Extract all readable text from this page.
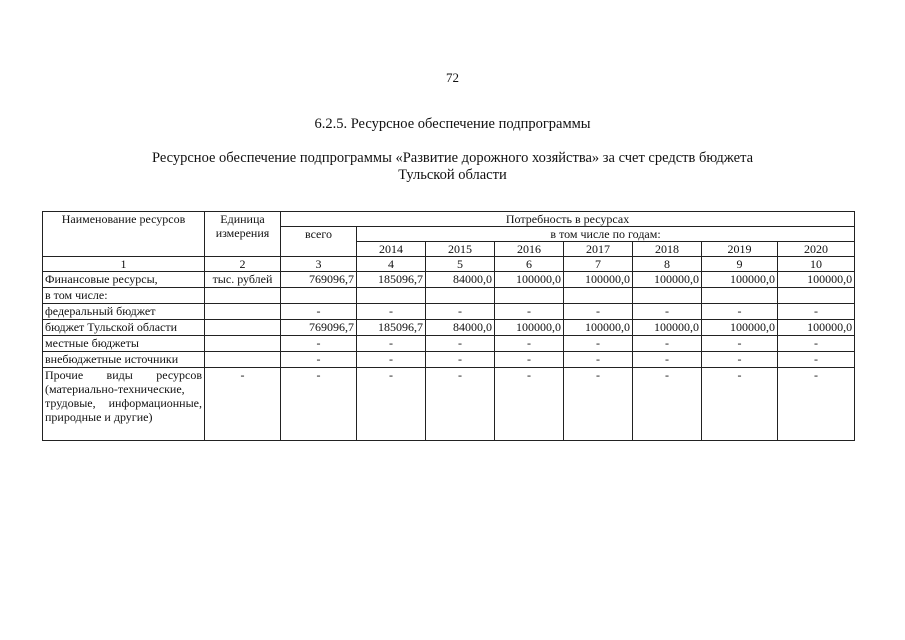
72
6.2.5. Ресурсное обеспечение подпрограммы
Ресурсное обеспечение подпрограммы «Развитие дорожного хозяйства» за счет средств бюджета
Тульской области
Наименование ресурсов	Единица измерения	Потребность в ресурсах							
		всего	в том числе по годам:						
			2014	2015	2016	2017	2018	2019	2020
1	2	3	4	5	6	7	8	9	10
Финансовые ресурсы,	тыс. рублей	769096,7	185096,7	84000,0	100000,0	100000,0	100000,0	100000,0	100000,0
в том числе:									
федеральный бюджет		-	-	-	-	-	-	-	-
бюджет Тульской области		769096,7	185096,7	84000,0	100000,0	100000,0	100000,0	100000,0	100000,0
местные бюджеты		-	-	-	-	-	-	-	-
внебюджетные источники		-	-	-	-	-	-	-	-
Прочие виды ресурсов (материально-технические, трудовые, информационные, природные и другие)	-	-	-	-	-	-	-	-	-
